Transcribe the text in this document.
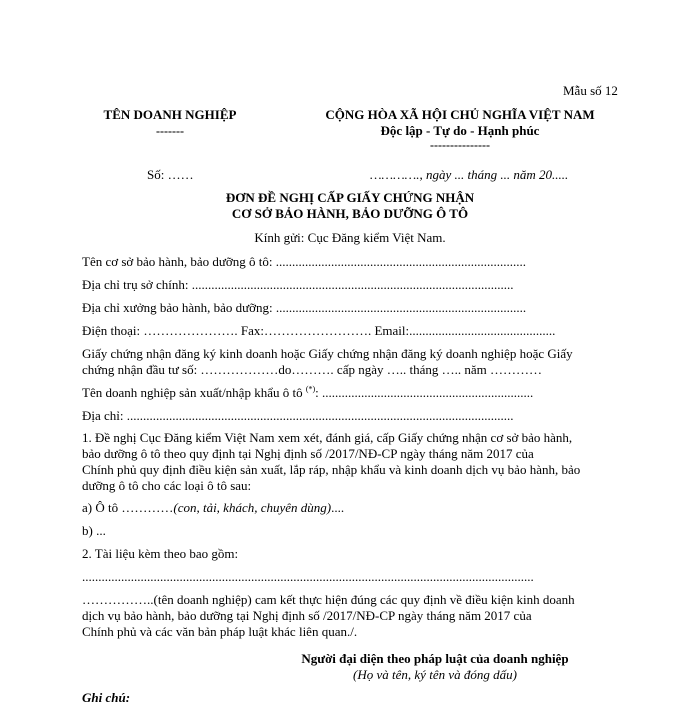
Mẫu số 12
TÊN DOANH NGHIỆP
-------
CỘNG HÒA XÃ HỘI CHỦ NGHĨA VIỆT NAM
Độc lập - Tự do - Hạnh phúc
---------------
Số: ……	…………., ngày ... tháng ... năm 20.....
ĐƠN ĐỀ NGHỊ CẤP GIẤY CHỨNG NHẬN
CƠ SỞ BẢO HÀNH, BẢO DƯỠNG Ô TÔ
Kính gửi: Cục Đăng kiểm Việt Nam.
Tên cơ sở bảo hành, bảo dưỡng ô tô: .............................................................................
Địa chỉ trụ sở chính: ...................................................................................................
Địa chỉ xưởng bảo hành, bảo dưỡng: .............................................................................
Điện thoại: …………………. Fax:……………………. Email:.............................................
Giấy chứng nhận đăng ký kinh doanh hoặc Giấy chứng nhận đăng ký doanh nghiệp hoặc Giấy
chứng nhận đầu tư số: ………………do………. cấp ngày ….. tháng ….. năm …………
Tên doanh nghiệp sản xuất/nhập khẩu ô tô (*): .................................................................
Địa chỉ: .......................................................................................................................
1. Đề nghị Cục Đăng kiểm Việt Nam xem xét, đánh giá, cấp Giấy chứng nhận cơ sở bảo hành,
bảo dưỡng ô tô theo quy định tại Nghị định số /2017/NĐ-CP ngày tháng năm 2017 của
Chính phủ quy định điều kiện sản xuất, lắp ráp, nhập khẩu và kinh doanh dịch vụ bảo hành, bảo
dưỡng ô tô cho các loại ô tô sau:
a) Ô tô …………(con, tải, khách, chuyên dùng)....
b) ...
2. Tài liệu kèm theo bao gồm:
...........................................................................................................................................
……………..(tên doanh nghiệp) cam kết thực hiện đúng các quy định về điều kiện kinh doanh
dịch vụ bảo hành, bảo dưỡng tại Nghị định số /2017/NĐ-CP ngày tháng năm 2017 của
Chính phủ và các văn bản pháp luật khác liên quan./.
Người đại diện theo pháp luật của doanh nghiệp
(Họ và tên, ký tên và đóng dấu)
Ghi chú:
